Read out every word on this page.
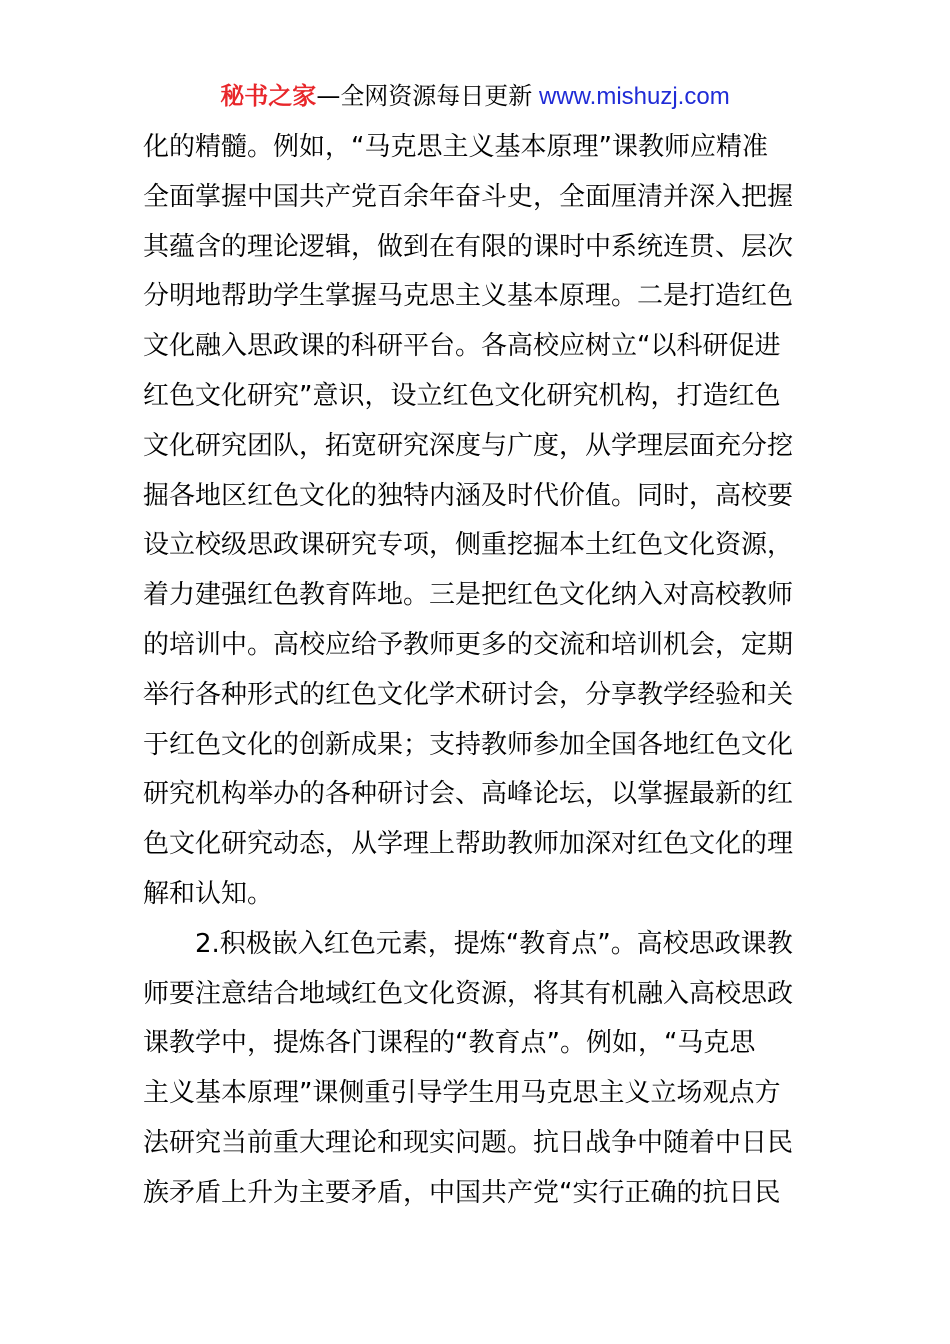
秘书之家—全网资源每日更新 www.mishuzj.com
化的精髓。例如，“马克思主义基本原理”课教师应精准
全面掌握中国共产党百余年奋斗史，全面厘清并深入把握
其蕴含的理论逻辑，做到在有限的课时中系统连贯、层次
分明地帮助学生掌握马克思主义基本原理。二是打造红色
文化融入思政课的科研平台。各高校应树立“以科研促进
红色文化研究”意识，设立红色文化研究机构，打造红色
文化研究团队，拓宽研究深度与广度，从学理层面充分挖
掘各地区红色文化的独特内涵及时代价值。同时，高校要
设立校级思政课研究专项，侧重挖掘本土红色文化资源，
着力建强红色教育阵地。三是把红色文化纳入对高校教师
的培训中。高校应给予教师更多的交流和培训机会，定期
举行各种形式的红色文化学术研讨会，分享教学经验和关
于红色文化的创新成果；支持教师参加全国各地红色文化
研究机构举办的各种研讨会、高峰论坛，以掌握最新的红
色文化研究动态，从学理上帮助教师加深对红色文化的理
解和认知。
2.积极嵌入红色元素，提炼“教育点”。高校思政课教
师要注意结合地域红色文化资源，将其有机融入高校思政
课教学中，提炼各门课程的“教育点”。例如，“马克思
主义基本原理”课侧重引导学生用马克思主义立场观点方
法研究当前重大理论和现实问题。抗日战争中随着中日民
族矛盾上升为主要矛盾，中国共产党“实行正确的抗日民
